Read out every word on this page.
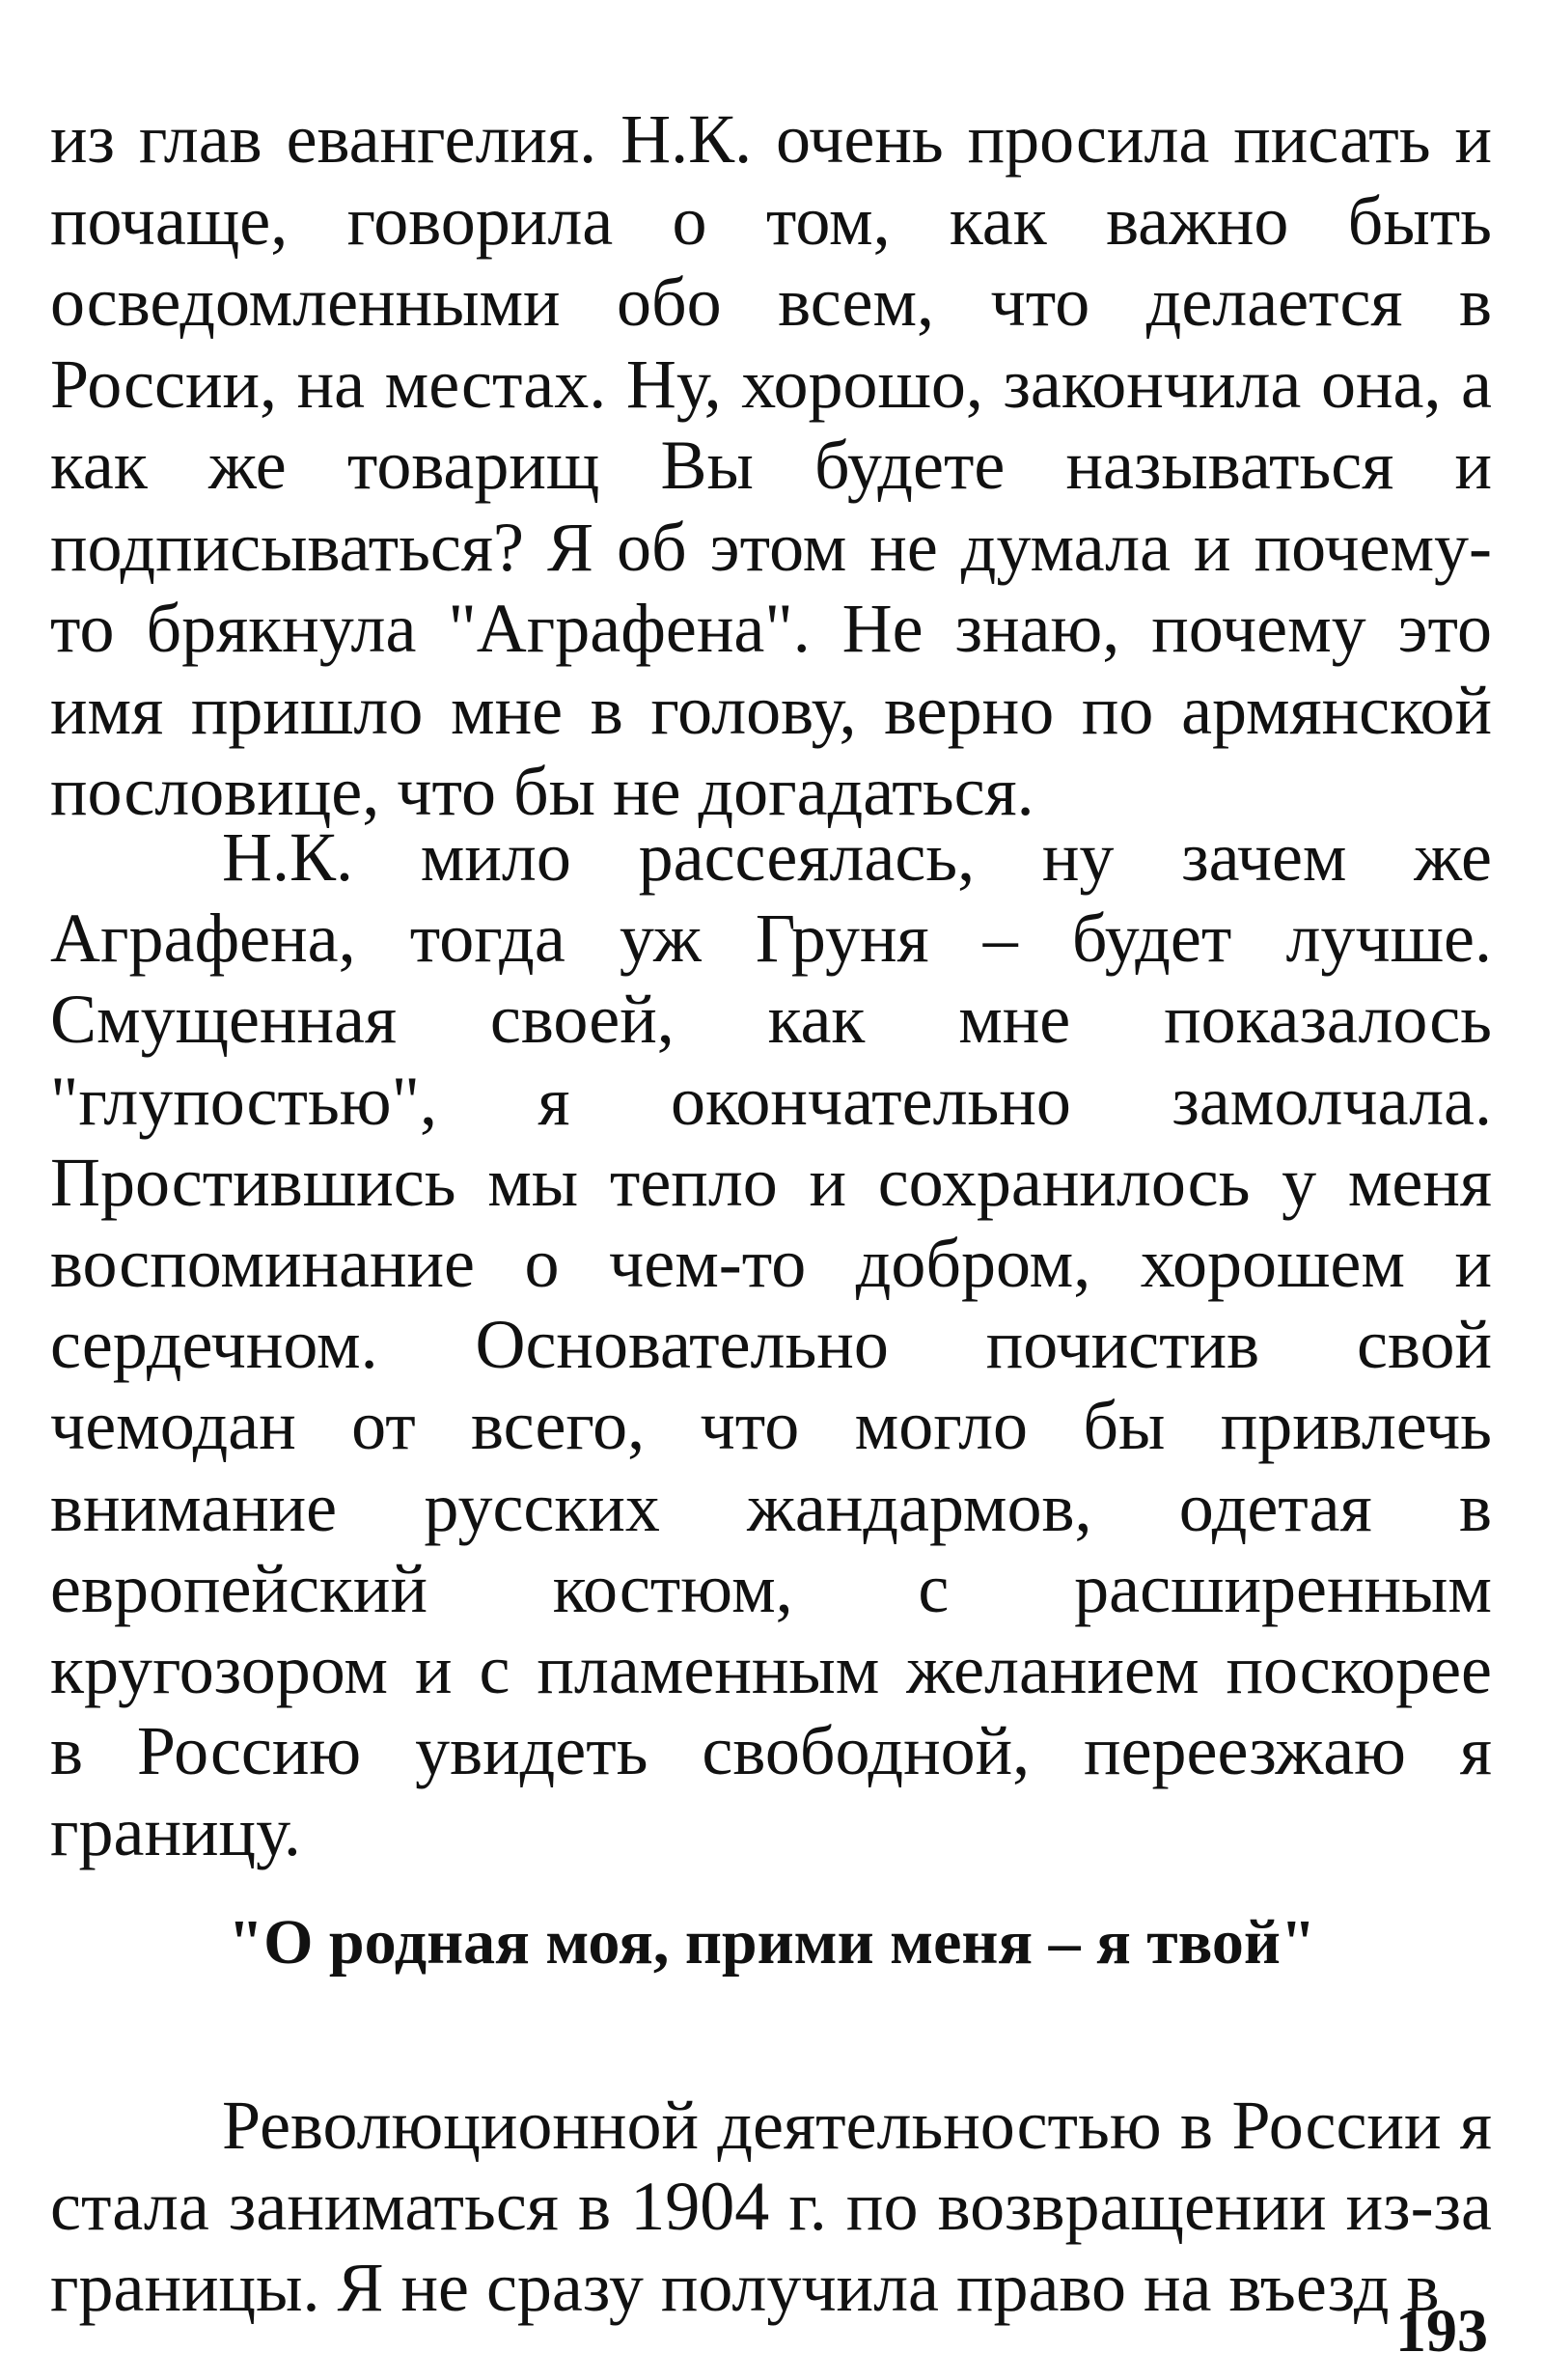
из глав евангелия. Н.К. очень просила писать и почаще, говорила о том, как важно быть осведомленными обо всем, что делается в России, на местах. Ну, хорошо, закончила она, а как же товарищ Вы будете называться и подписываться? Я об этом не думала и почему-то брякнула "Аграфена". Не знаю, почему это имя пришло мне в голову, верно по армянской пословице, что бы не догадаться.

Н.К. мило рассеялась, ну зачем же Аграфена, тогда уж Груня – будет лучше. Смущенная своей, как мне показалось "глупостью", я окончательно замолчала. Простившись мы тепло и сохранилось у меня воспоминание о чем-то добром, хорошем и сердечном. Основательно почистив свой чемодан от всего, что могло бы привлечь внимание русских жандармов, одетая в европейский костюм, с расширенным кругозором и с пламенным желанием поскорее в Россию увидеть свободной, переезжаю я границу.

"О родная моя, прими меня – я твой"

Революционной деятельностью в России я стала заниматься в 1904 г. по возвращении из-за границы. Я не сразу получила право на въезд в

193
